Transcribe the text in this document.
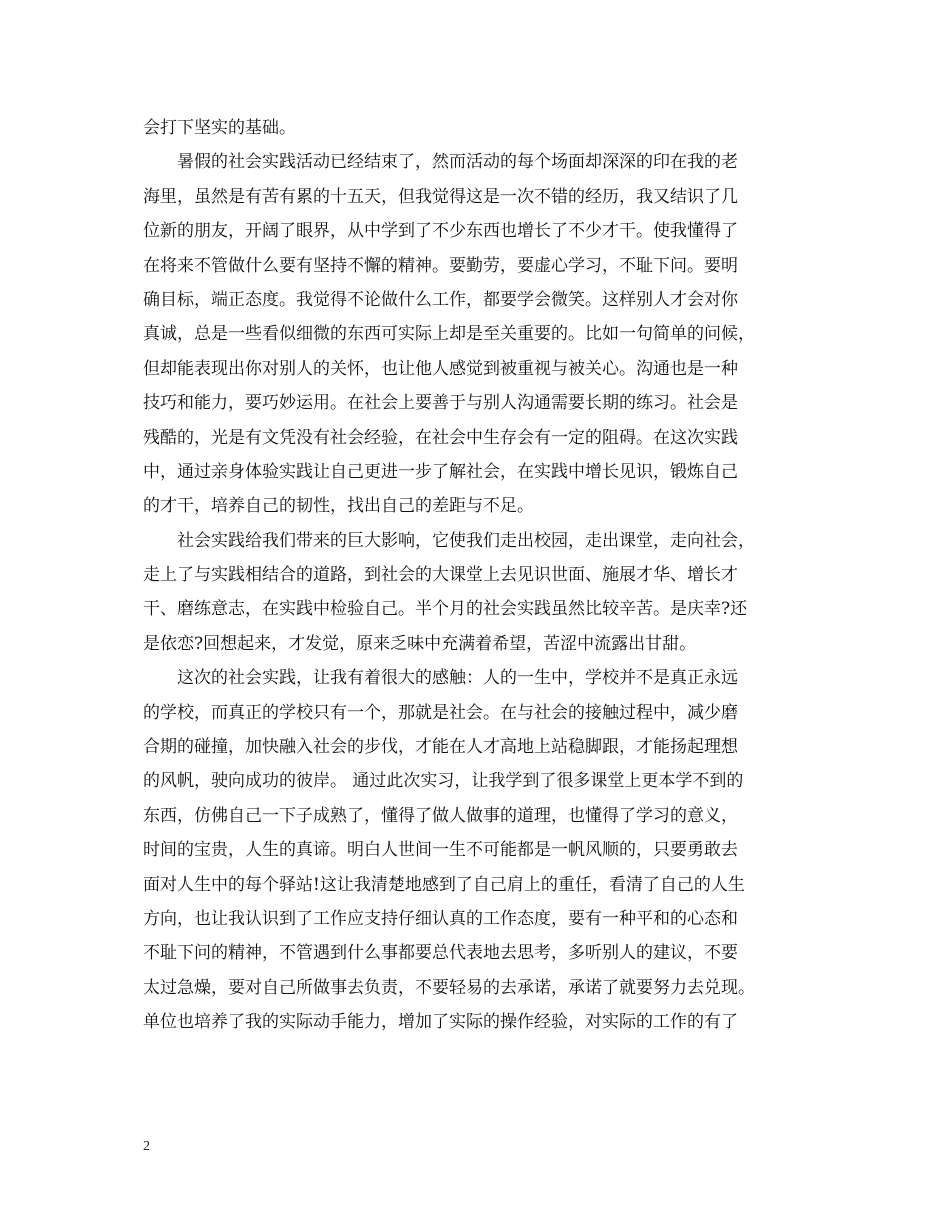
会打下坚实的基础。
暑假的社会实践活动已经结束了，然而活动的每个场面却深深的印在我的老
海里，虽然是有苦有累的十五天，但我觉得这是一次不错的经历，我又结识了几
位新的朋友，开阔了眼界，从中学到了不少东西也增长了不少才干。使我懂得了
在将来不管做什么要有坚持不懈的精神。要勤劳，要虚心学习，不耻下问。要明
确目标，端正态度。我觉得不论做什么工作，都要学会微笑。这样别人才会对你
真诚，总是一些看似细微的东西可实际上却是至关重要的。比如一句简单的问候，
但却能表现出你对别人的关怀，也让他人感觉到被重视与被关心。沟通也是一种
技巧和能力，要巧妙运用。在社会上要善于与别人沟通需要长期的练习。社会是
残酷的，光是有文凭没有社会经验，在社会中生存会有一定的阻碍。在这次实践
中，通过亲身体验实践让自己更进一步了解社会，在实践中增长见识，锻炼自己
的才干，培养自己的韧性，找出自己的差距与不足。
社会实践给我们带来的巨大影响，它使我们走出校园，走出课堂，走向社会，
走上了与实践相结合的道路，到社会的大课堂上去见识世面、施展才华、增长才
干、磨练意志，在实践中检验自己。半个月的社会实践虽然比较辛苦。是庆幸?还
是依恋?回想起来，才发觉，原来乏味中充满着希望，苦涩中流露出甘甜。
这次的社会实践，让我有着很大的感触：人的一生中，学校并不是真正永远
的学校，而真正的学校只有一个，那就是社会。在与社会的接触过程中，减少磨
合期的碰撞，加快融入社会的步伐，才能在人才高地上站稳脚跟，才能扬起理想
的风帆，驶向成功的彼岸。 通过此次实习，让我学到了很多课堂上更本学不到的
东西，仿佛自己一下子成熟了，懂得了做人做事的道理，也懂得了学习的意义，
时间的宝贵，人生的真谛。明白人世间一生不可能都是一帆风顺的，只要勇敢去
面对人生中的每个驿站!这让我清楚地感到了自己肩上的重任，看清了自己的人生
方向，也让我认识到了工作应支持仔细认真的工作态度，要有一种平和的心态和
不耻下问的精神，不管遇到什么事都要总代表地去思考，多听别人的建议，不要
太过急燥，要对自己所做事去负责，不要轻易的去承诺，承诺了就要努力去兑现。
单位也培养了我的实际动手能力，增加了实际的操作经验，对实际的工作的有了
2
